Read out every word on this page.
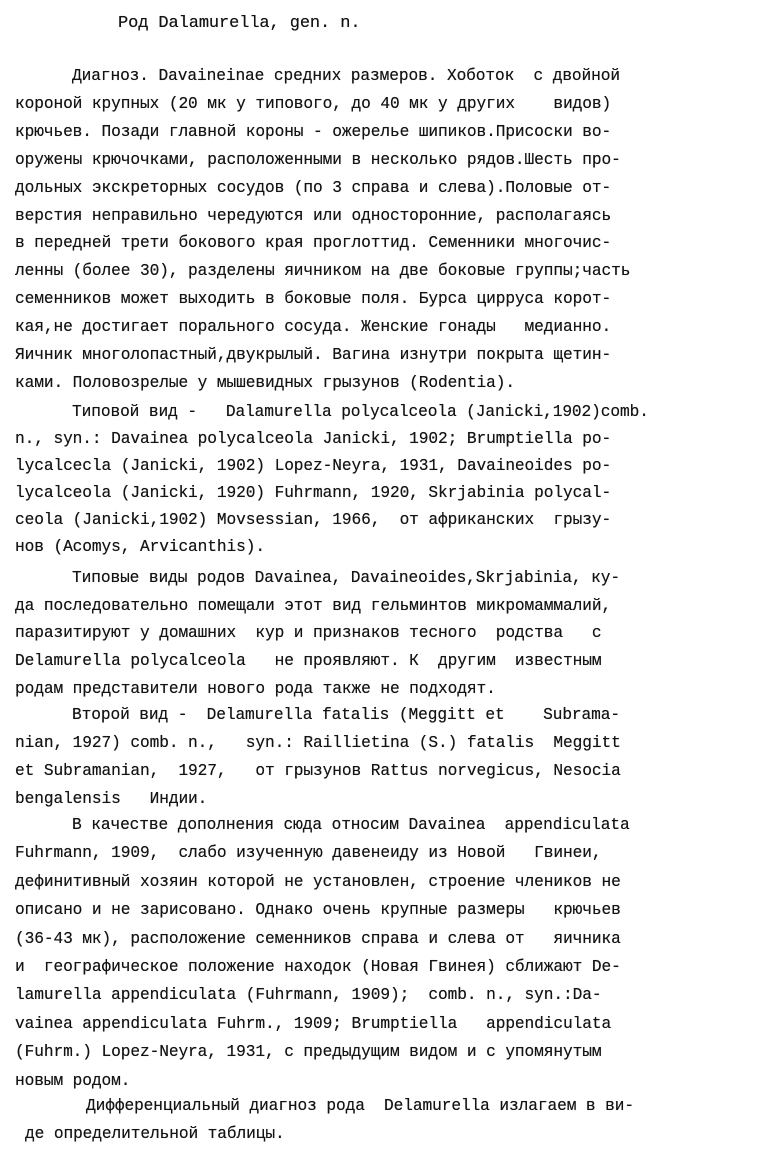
Род Dalamurella, gen. n.
Диагноз. Davaineinae средних размеров. Хоботок  с двойной
короной крупных (20 мк у типового, до 40 мк у других    видов)
крючьев. Позади главной короны - ожерелье шипиков.Присоски во-
оружены крючочками, расположенными в несколько рядов.Шесть про-
дольных экскреторных сосудов (по 3 справа и слева).Половые от-
верстия неправильно чередуются или односторонние, располагаясь
в передней трети бокового края проглоттид. Семенники многочис-
ленны (более 30), разделены яичником на две боковые группы;часть
семенников может выходить в боковые поля. Бурса цирруса корот-
кая,не достигает порального сосуда. Женские гонады   медианно.
Яичник многолопастный,двукрылый. Вагина изнутри покрыта щетин-
ками. Половозрелые у мышевидных грызунов (Rodentia).
Типовой вид -   Dalamurella polycalceola (Janicki,1902)comb.
n., syn.: Davainea polycalceola Janicki, 1902; Brumptiella po-
lycalcecla (Janicki, 1902) Lopez-Neyra, 1931, Davaineoides po-
lycalceola (Janicki, 1920) Fuhrmann, 1920, Skrjabinia polycal-
ceola (Janicki,1902) Movsessian, 1966,  от африканских  грызу-
нов (Acomys, Arvicanthis).
Типовые виды родов Davainea, Davaineoides,Skrjabinia, ку-
да последовательно помещали этот вид гельминтов микромаммалий,
паразитируют у домашних  кур и признаков тесного  родства   с
Delamurella polycalceola   не проявляют. К  другим  известным
родам представители нового рода также не подходят.
Второй вид -  Delamurella fatalis (Meggitt et    Subrama-
nian, 1927) comb. n.,   syn.: Raillietina (S.) fatalis  Meggitt
et Subramanian,  1927,   от грызунов Rattus norvegicus, Nesocia
bengalensis   Индии.
В качестве дополнения сюда относим Davainea  appendiculata
Fuhrmann, 1909,  слабо изученную давенеиду из Новой   Гвинеи,
дефинитивный хозяин которой не установлен, строение члеников не
описано и не зарисовано. Однако очень крупные размеры   крючьев
(36-43 мк), расположение семенников справа и слева от   яичника
и  географическое положение находок (Новая Гвинея) сближают De-
lamurella appendiculata (Fuhrmann, 1909);  comb. n., syn.:Da-
vainea appendiculata Fuhrm., 1909; Brumptiella   appendiculata
(Fuhrm.) Lopez-Neyra, 1931, с предыдущим видом и с упомянутым
новым родом.
Дифференциальный диагноз рода  Delamurella излагаем в ви-
де определительной таблицы.
